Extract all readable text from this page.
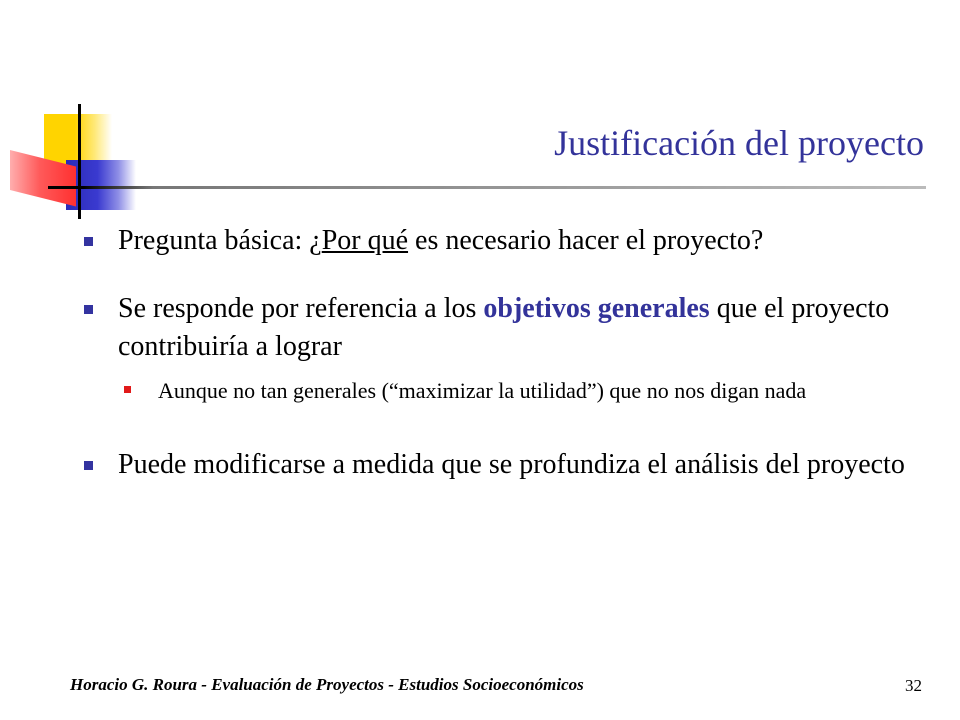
Justificación del proyecto
Pregunta básica: ¿Por qué es necesario hacer el proyecto?
Se responde por referencia a los objetivos generales que el proyecto contribuiría a lograr
Aunque no tan generales (“maximizar la utilidad”) que no nos digan nada
Puede modificarse a medida que se profundiza el análisis del proyecto
Horacio G. Roura - Evaluación de Proyectos - Estudios Socioeconómicos	32
